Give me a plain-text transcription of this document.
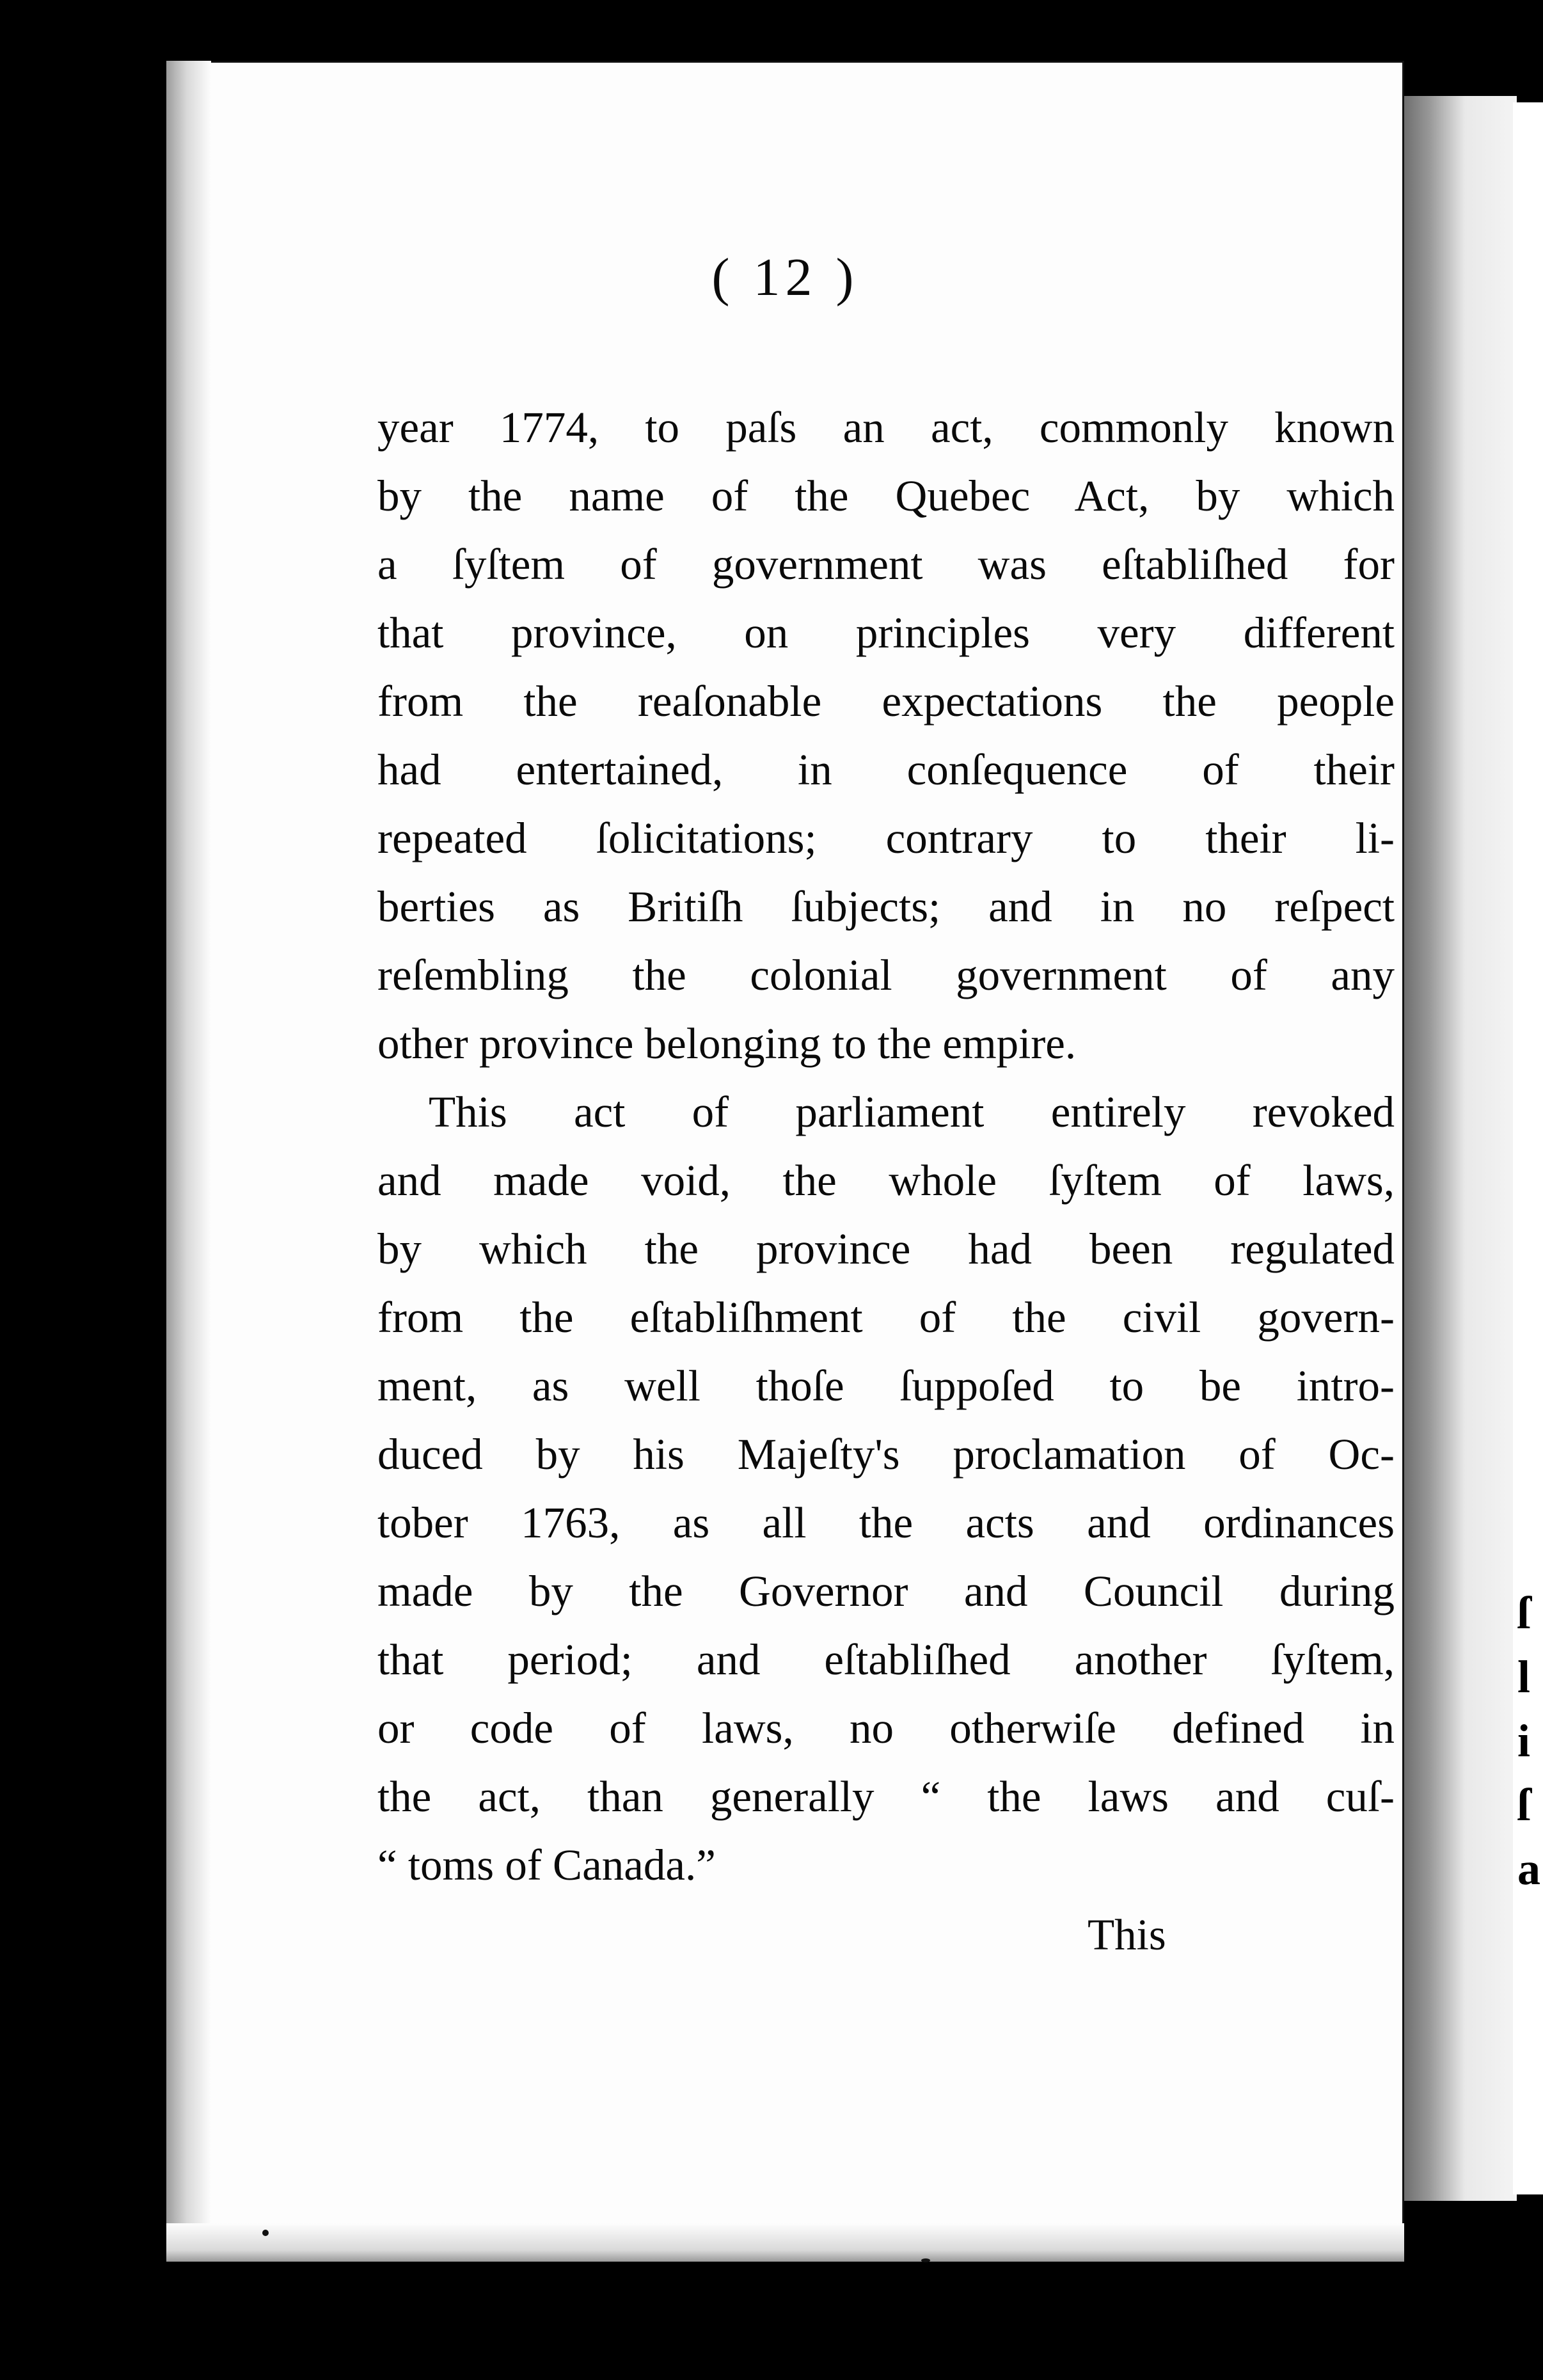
ſ
l
i
ſ
a
( 12 )
year 1774, to paſs an act, commonly known
by the name of the Quebec Act, by which
a ſyſtem of government was eſtabliſhed for
that province, on principles very different
from the reaſonable expectations the people
had entertained, in conſequence of their
repeated ſolicitations; contrary to their li-
berties as Britiſh ſubjects; and in no reſpect
reſembling the colonial government of any
other province belonging to the empire.
This act of parliament entirely revoked
and made void, the whole ſyſtem of laws,
by which the province had been regulated
from the eſtabliſhment of the civil govern-
ment, as well thoſe ſuppoſed to be intro-
duced by his Majeſty's proclamation of Oc-
tober 1763, as all the acts and ordinances
made by the Governor and Council during
that period; and eſtabliſhed another ſyſtem,
or code of laws, no otherwiſe defined in
the act, than generally “ the laws and cuſ-
“ toms of Canada.”
This
